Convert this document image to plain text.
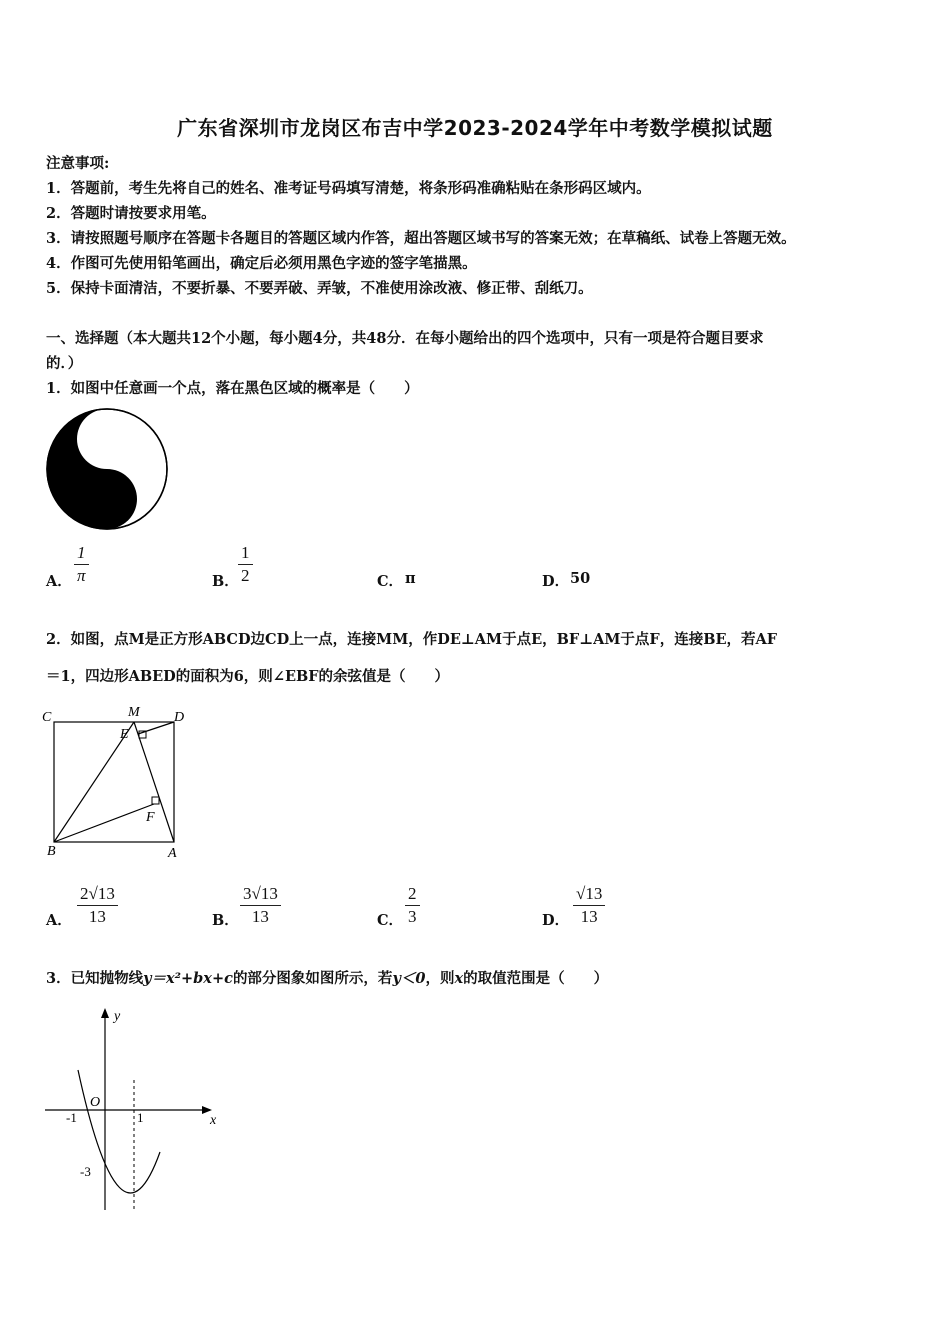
广东省深圳市龙岗区布吉中学2023-2024学年中考数学模拟试题
注意事项:
1．答题前，考生先将自己的姓名、准考证号码填写清楚，将条形码准确粘贴在条形码区域内。
2．答题时请按要求用笔。
3．请按照题号顺序在答题卡各题目的答题区域内作答，超出答题区域书写的答案无效；在草稿纸、试卷上答题无效。
4．作图可先使用铅笔画出，确定后必须用黑色字迹的签字笔描黑。
5．保持卡面清洁，不要折暴、不要弄破、弄皱，不准使用涂改液、修正带、刮纸刀。
一、选择题（本大题共12个小题，每小题4分，共48分．在每小题给出的四个选项中，只有一项是符合题目要求
的．）
1．如图中任意画一个点，落在黑色区域的概率是（　　）
A．
1
π	B．
1
2	C． π	D． 50
2．如图，点M是正方形ABCD边CD上一点，连接MM，作DE⊥AM于点E，BF⊥AM于点F，连接BE，若AF
＝1，四边形ABED的面积为6，则∠EBF的余弦值是（　　）
C	M D
E
F
B	A
A．
2√13
13	B．
3√13
13	C．
2
3	D．
√13
13
3．已知抛物线y＝x²+bx+c的部分图象如图所示，若y＜0，则x的取值范围是（　　）
y
x
O
-1	1
-3
